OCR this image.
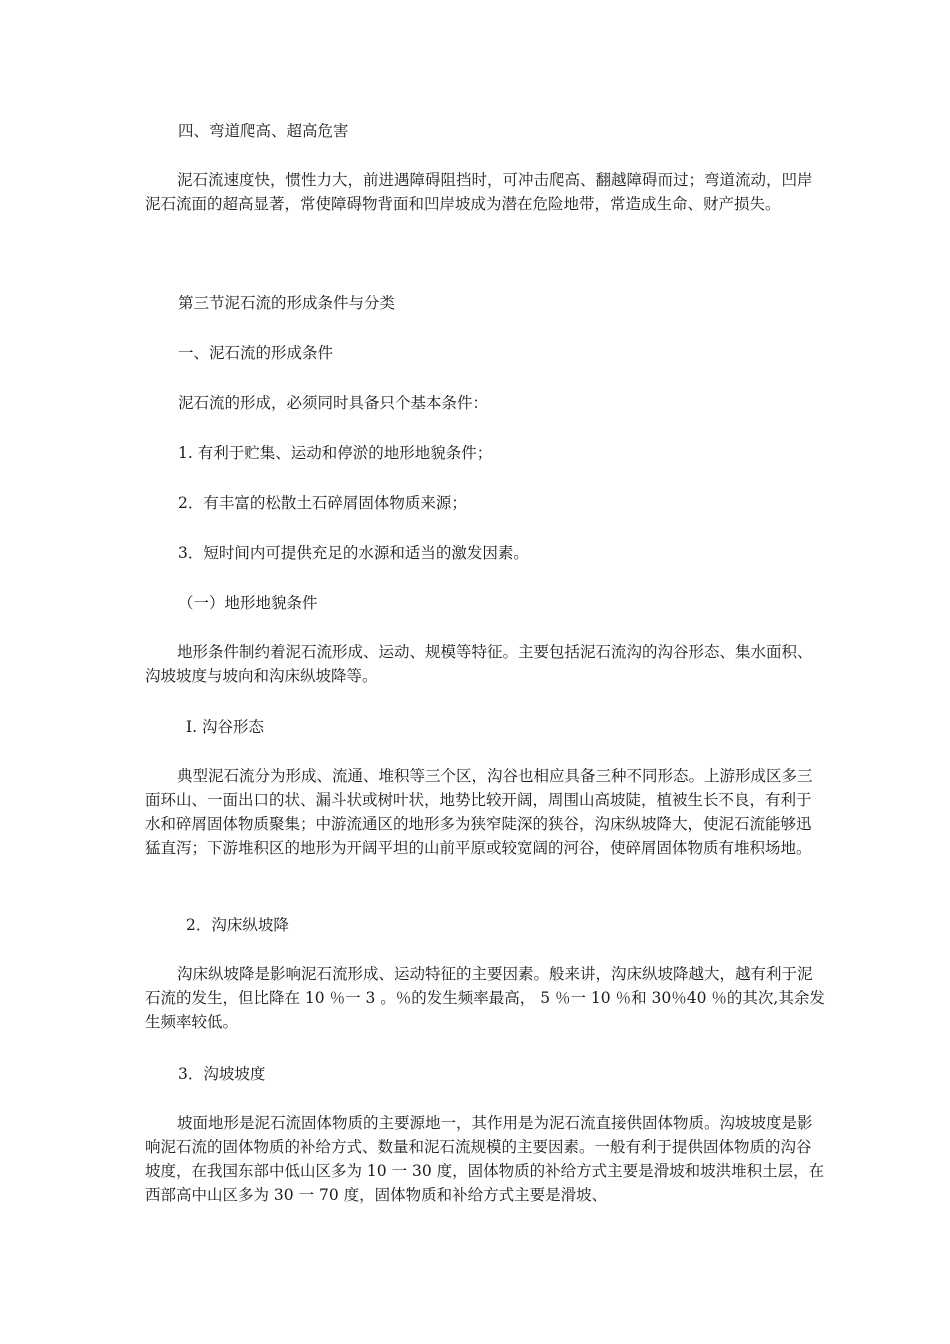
四、弯道爬高、超高危害

泥石流速度快，惯性力大，前进遇障碍阻挡时，可冲击爬高、翻越障碍而过；弯道流动，凹岸泥石流面的超高显著，常使障碍物背面和凹岸坡成为潜在危险地带，常造成生命、财产损失。

第三节泥石流的形成条件与分类

一、泥石流的形成条件

泥石流的形成，必须同时具备只个基本条件：

1. 有利于贮集、运动和停淤的地形地貌条件；

2．有丰富的松散土石碎屑固体物质来源；

3．短时间内可提供充足的水源和适当的激发因素。

（一）地形地貌条件

地形条件制约着泥石流形成、运动、规模等特征。主要包括泥石流沟的沟谷形态、集水面积、沟坡坡度与坡向和沟床纵坡降等。

I. 沟谷形态

典型泥石流分为形成、流通、堆积等三个区，沟谷也相应具备三种不同形态。上游形成区多三面环山、一面出口的状、漏斗状或树叶状，地势比较开阔，周围山高坡陡，植被生长不良，有利于水和碎屑固体物质聚集；中游流通区的地形多为狭窄陡深的狭谷，沟床纵坡降大，使泥石流能够迅猛直泻；下游堆积区的地形为开阔平坦的山前平原或较宽阔的河谷，使碎屑固体物质有堆积场地。

2．沟床纵坡降

沟床纵坡降是影响泥石流形成、运动特征的主要因素。般来讲，沟床纵坡降越大，越有利于泥石流的发生，但比降在 10 ％一 3 。％的发生频率最高， 5 ％一 10 ％和 30％40 ％的其次,其余发生频率较低。

3．沟坡坡度

坡面地形是泥石流固体物质的主要源地一，其作用是为泥石流直接供固体物质。沟坡坡度是影响泥石流的固体物质的补给方式、数量和泥石流规模的主要因素。一般有利于提供固体物质的沟谷坡度，在我国东部中低山区多为 10 一 30 度，固体物质的补给方式主要是滑坡和坡洪堆积土层，在西部高中山区多为 30 一 70 度，固体物质和补给方式主要是滑坡、
